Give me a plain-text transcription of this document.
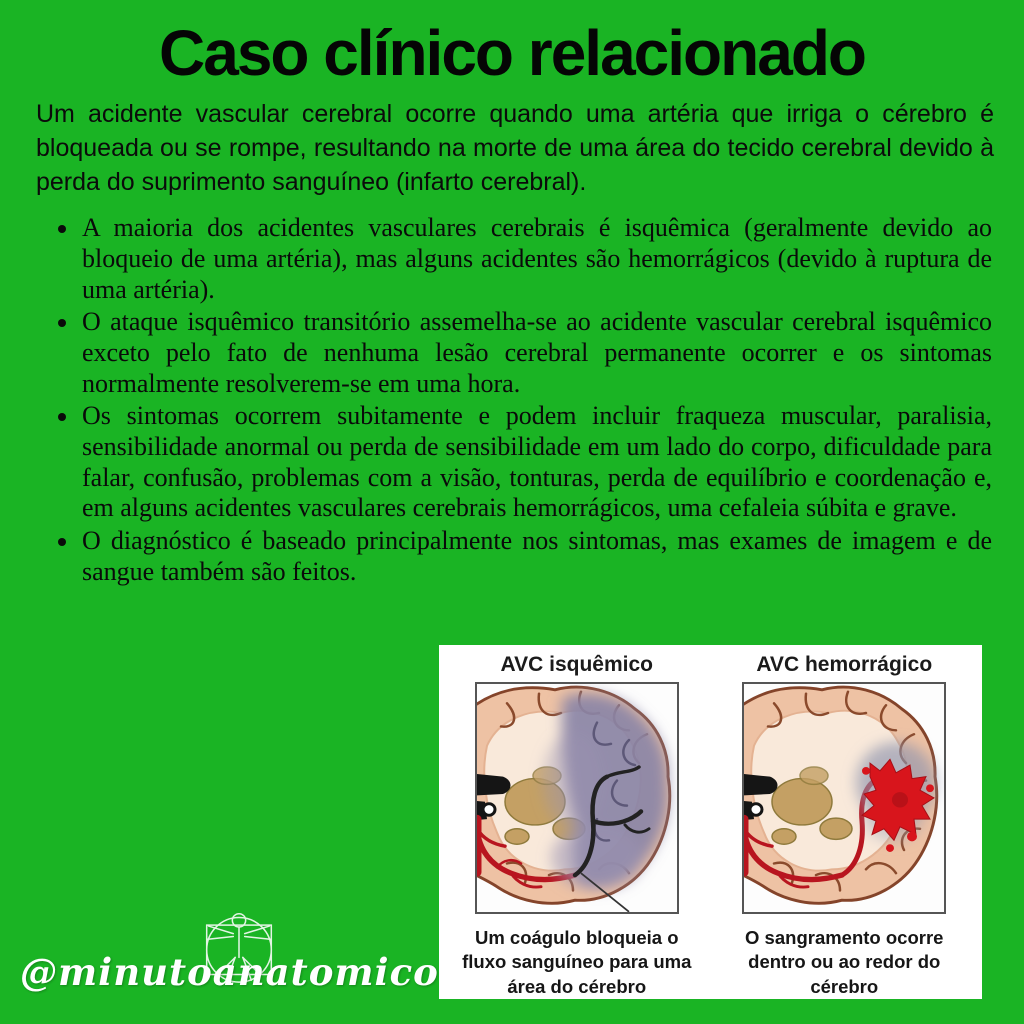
Caso clínico relacionado

Um acidente vascular cerebral ocorre quando uma artéria que irriga o cérebro é bloqueada ou se rompe, resultando na morte de uma área do tecido cerebral devido à perda do suprimento sanguíneo (infarto cerebral).

• A maioria dos acidentes vasculares cerebrais é isquêmica (geralmente devido ao bloqueio de uma artéria), mas alguns acidentes são hemorrágicos (devido à ruptura de uma artéria).
• O ataque isquêmico transitório assemelha-se ao acidente vascular cerebral isquêmico exceto pelo fato de nenhuma lesão cerebral permanente ocorrer e os sintomas normalmente resolverem-se em uma hora.
• Os sintomas ocorrem subitamente e podem incluir fraqueza muscular, paralisia, sensibilidade anormal ou perda de sensibilidade em um lado do corpo, dificuldade para falar, confusão, problemas com a visão, tonturas, perda de equilíbrio e coordenação e, em alguns acidentes vasculares cerebrais hemorrágicos, uma cefaleia súbita e grave.
• O diagnóstico é baseado principalmente nos sintomas, mas exames de imagem e de sangue também são feitos.
AVC isquêmico
Um coágulo bloqueia o fluxo sanguíneo para uma área do cérebro
AVC hemorrágico
O sangramento ocorre dentro ou ao redor do cérebro
@minutoanatomico
